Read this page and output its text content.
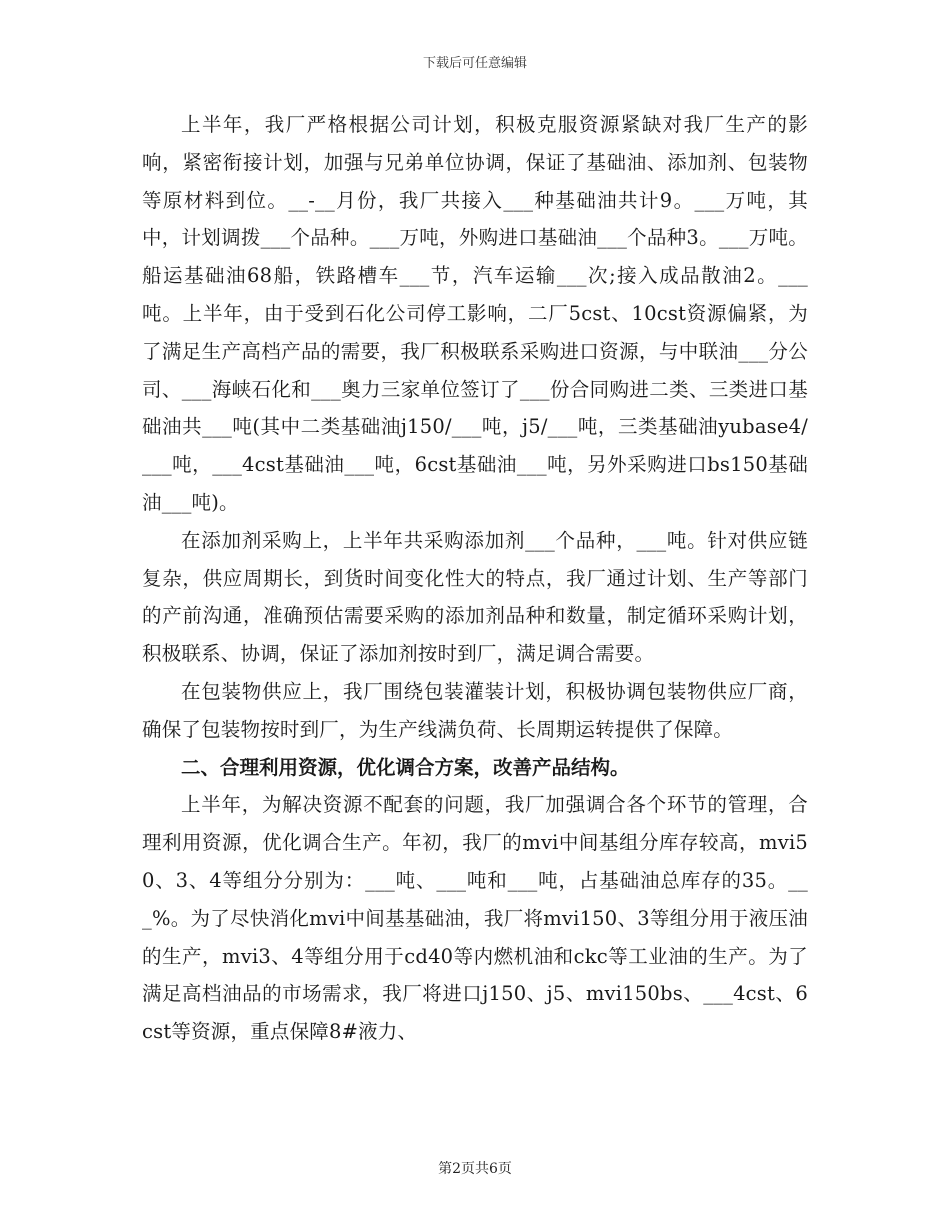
下载后可任意编辑

上半年，我厂严格根据公司计划，积极克服资源紧缺对我厂生产的影响，紧密衔接计划，加强与兄弟单位协调，保证了基础油、添加剂、包装物等原材料到位。__-__月份，我厂共接入___种基础油共计9。___万吨，其中，计划调拨___个品种。___万吨，外购进口基础油___个品种3。___万吨。船运基础油68船，铁路槽车___节，汽车运输___次;接入成品散油2。___吨。上半年，由于受到石化公司停工影响，二厂5cst、10cst资源偏紧，为了满足生产高档产品的需要，我厂积极联系采购进口资源，与中联油___分公司、___海峡石化和___奥力三家单位签订了___份合同购进二类、三类进口基础油共___吨(其中二类基础油j150/___吨，j5/___吨，三类基础油yubase4/___吨，___4cst基础油___吨，6cst基础油___吨，另外采购进口bs150基础油___吨)。

在添加剂采购上，上半年共采购添加剂___个品种，___吨。针对供应链复杂，供应周期长，到货时间变化性大的特点，我厂通过计划、生产等部门的产前沟通，准确预估需要采购的添加剂品种和数量，制定循环采购计划，积极联系、协调，保证了添加剂按时到厂，满足调合需要。

在包装物供应上，我厂围绕包装灌装计划，积极协调包装物供应厂商，确保了包装物按时到厂，为生产线满负荷、长周期运转提供了保障。

二、合理利用资源，优化调合方案，改善产品结构。

上半年，为解决资源不配套的问题，我厂加强调合各个环节的管理，合理利用资源，优化调合生产。年初，我厂的mvi中间基组分库存较高，mvi50、3、4等组分分别为：___吨、___吨和___吨，占基础油总库存的35。___%。为了尽快消化mvi中间基基础油，我厂将mvi150、3等组分用于液压油的生产，mvi3、4等组分用于cd40等内燃机油和ckc等工业油的生产。为了满足高档油品的市场需求，我厂将进口j150、j5、mvi150bs、___4cst、6cst等资源，重点保障8#液力、

第2页共6页
